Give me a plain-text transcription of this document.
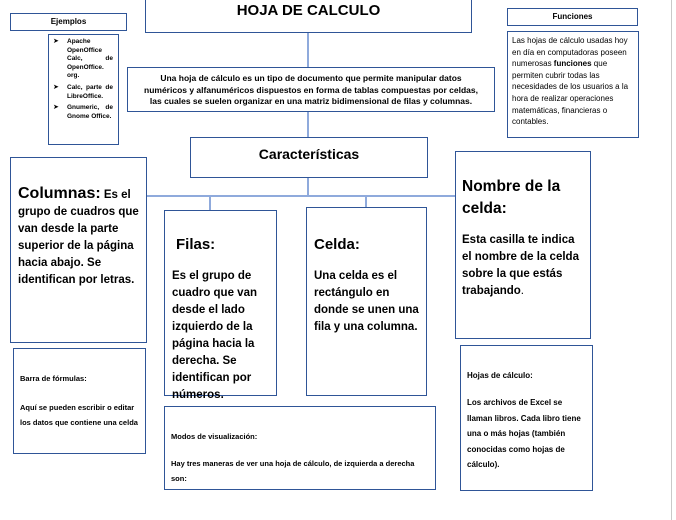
HOJA DE CALCULO
Ejemplos
➤ Apache OpenOffice Calc, de OpenOffice. org.
➤ Calc, parte de LibreOffice.
➤ Gnumeric, de Gnome Office.
Funciones
Las hojas de cálculo usadas hoy en día en computadoras poseen numerosas funciones que permiten cubrir todas las necesidades de los usuarios a la hora de realizar operaciones matemáticas, financieras o contables.
Una hoja de cálculo es un tipo de documento que permite manipular datos numéricos y alfanuméricos dispuestos en forma de tablas compuestas por celdas, las cuales se suelen organizar en una matriz bidimensional de filas y columnas.
Características
Columnas: Es el grupo de cuadros que van desde la parte superior de la página hacia abajo. Se identifican por letras.
Filas:
Es el grupo de cuadro que van desde el lado izquierdo de la página hacia la derecha. Se identifican por números.
Celda:
Una celda es el rectángulo en donde se unen una fila y una columna.
Nombre de la celda:
Esta casilla te indica el nombre de la celda sobre la que estás trabajando.
Barra de fórmulas:
Aquí se pueden escribir o editar los datos que contiene una celda
Modos de visualización:
Hay tres maneras de ver una hoja de cálculo, de izquierda a derecha son:
Hojas de cálculo:
Los archivos de Excel se llaman libros. Cada libro tiene una o más hojas (también conocidas como hojas de cálculo).
